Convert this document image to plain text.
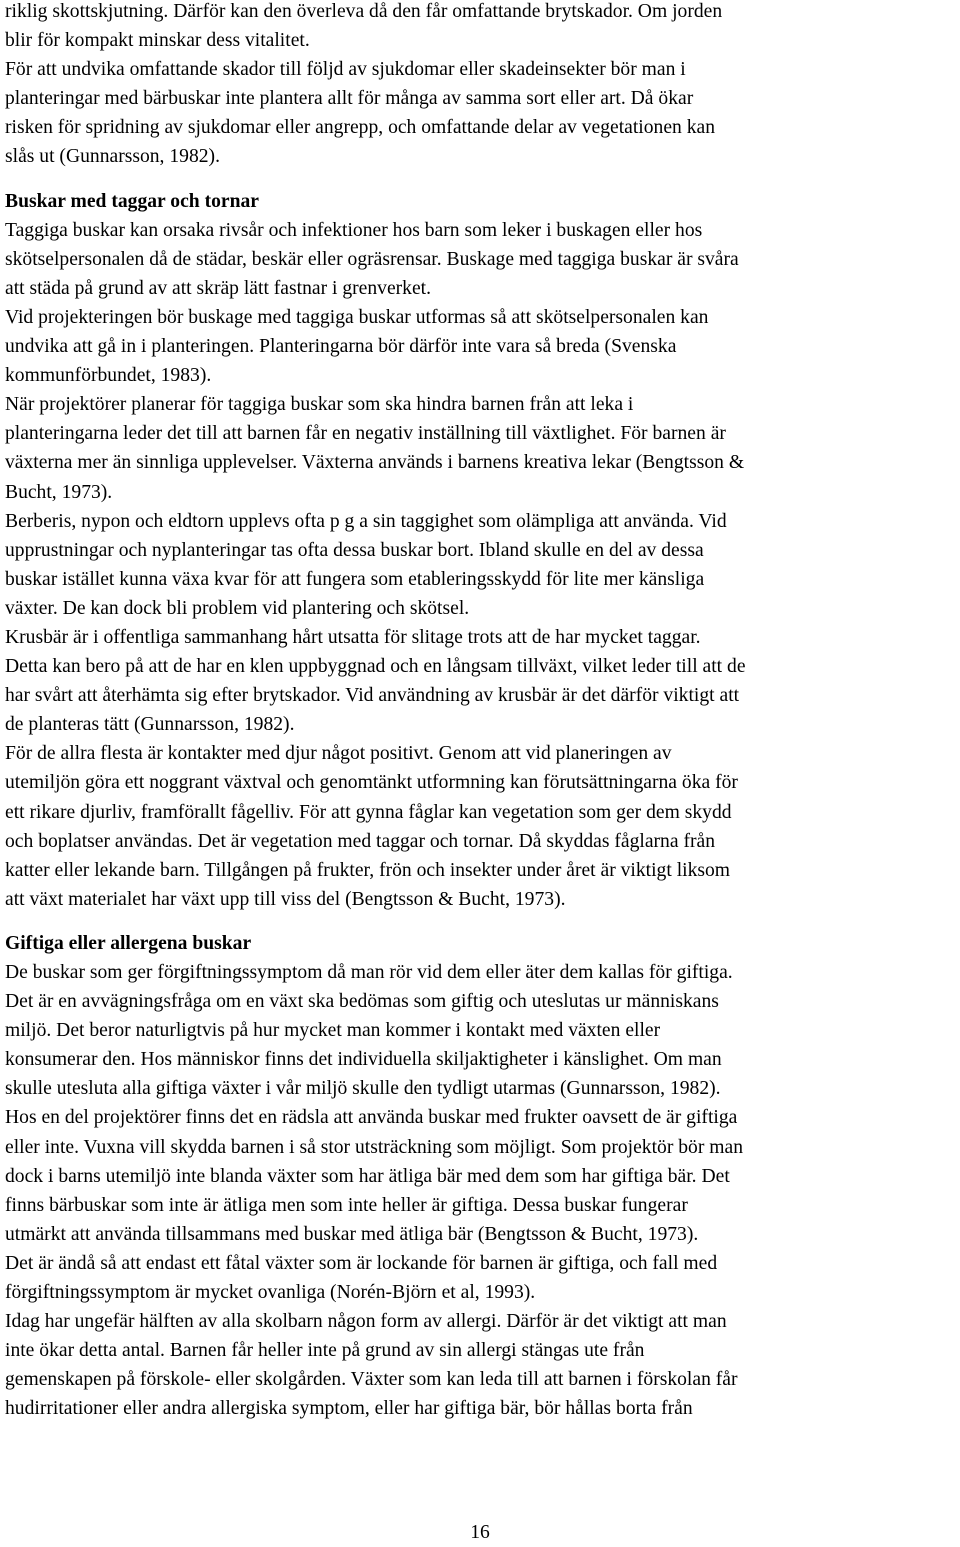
riklig skottskjutning. Därför kan den överleva då den får omfattande brytskador. Om jorden
blir för kompakt minskar dess vitalitet.
För att undvika omfattande skador till följd av sjukdomar eller skadeinsekter bör man i
planteringar med bärbuskar inte plantera allt för många av samma sort eller art. Då ökar
risken för spridning av sjukdomar eller angrepp, och omfattande delar av vegetationen kan
slås ut (Gunnarsson, 1982).
Buskar med taggar och tornar
Taggiga buskar kan orsaka rivsår och infektioner hos barn som leker i buskagen eller hos
skötselpersonalen då de städar, beskär eller ogräsrensar. Buskage med taggiga buskar är svåra
att städa på grund av att skräp lätt fastnar i grenverket.
Vid projekteringen bör buskage med taggiga buskar utformas så att skötselpersonalen kan
undvika att gå in i planteringen. Planteringarna bör därför inte vara så breda (Svenska
kommunförbundet, 1983).
När projektörer planerar för taggiga buskar som ska hindra barnen från att leka i
planteringarna leder det till att barnen får en negativ inställning till växtlighet. För barnen är
växterna mer än sinnliga upplevelser. Växterna används i barnens kreativa lekar (Bengtsson &
Bucht, 1973).
Berberis, nypon och eldtorn upplevs ofta p g a sin taggighet som olämpliga att använda. Vid
upprustningar och nyplanteringar tas ofta dessa buskar bort. Ibland skulle en del av dessa
buskar istället kunna växa kvar för att fungera som etableringsskydd för lite mer känsliga
växter. De kan dock bli problem vid plantering och skötsel.
Krusbär är i offentliga sammanhang hårt utsatta för slitage trots att de har mycket taggar.
Detta kan bero på att de har en klen uppbyggnad och en långsam tillväxt, vilket leder till att de
har svårt att återhämta sig efter brytskador. Vid användning av krusbär är det därför viktigt att
de planteras tätt (Gunnarsson, 1982).
För de allra flesta är kontakter med djur något positivt. Genom att vid planeringen av
utemiljön göra ett noggrant växtval och genomtänkt utformning kan förutsättningarna öka för
ett rikare djurliv, framförallt fågelliv. För att gynna fåglar kan vegetation som ger dem skydd
och boplatser användas. Det är vegetation med taggar och tornar. Då skyddas fåglarna från
katter eller lekande barn. Tillgången på frukter, frön och insekter under året är viktigt liksom
att växt materialet har växt upp till viss del (Bengtsson & Bucht, 1973).
Giftiga eller allergena buskar
De buskar som ger förgiftningssymptom då man rör vid dem eller äter dem kallas för giftiga.
Det är en avvägningsfråga om en växt ska bedömas som giftig och uteslutas ur människans
miljö. Det beror naturligtvis på hur mycket man kommer i kontakt med växten eller
konsumerar den. Hos människor finns det individuella skiljaktigheter i känslighet. Om man
skulle utesluta alla giftiga växter i vår miljö skulle den tydligt utarmas (Gunnarsson, 1982).
Hos en del projektörer finns det en rädsla att använda buskar med frukter oavsett de är giftiga
eller inte. Vuxna vill skydda barnen i så stor utsträckning som möjligt. Som projektör bör man
dock i barns utemiljö inte blanda växter som har ätliga bär med dem som har giftiga bär. Det
finns bärbuskar som inte är ätliga men som inte heller är giftiga. Dessa buskar fungerar
utmärkt att använda tillsammans med buskar med ätliga bär (Bengtsson & Bucht, 1973).
Det är ändå så att endast ett fåtal växter som är lockande för barnen är giftiga, och fall med
förgiftningssymptom är mycket ovanliga (Norén-Björn et al, 1993).
Idag har ungefär hälften av alla skolbarn någon form av allergi. Därför är det viktigt att man
inte ökar detta antal. Barnen får heller inte på grund av sin allergi stängas ute från
gemenskapen på förskole- eller skolgården. Växter som kan leda till att barnen i förskolan får
hudirritationer eller andra allergiska symptom, eller har giftiga bär, bör hållas borta från
16
